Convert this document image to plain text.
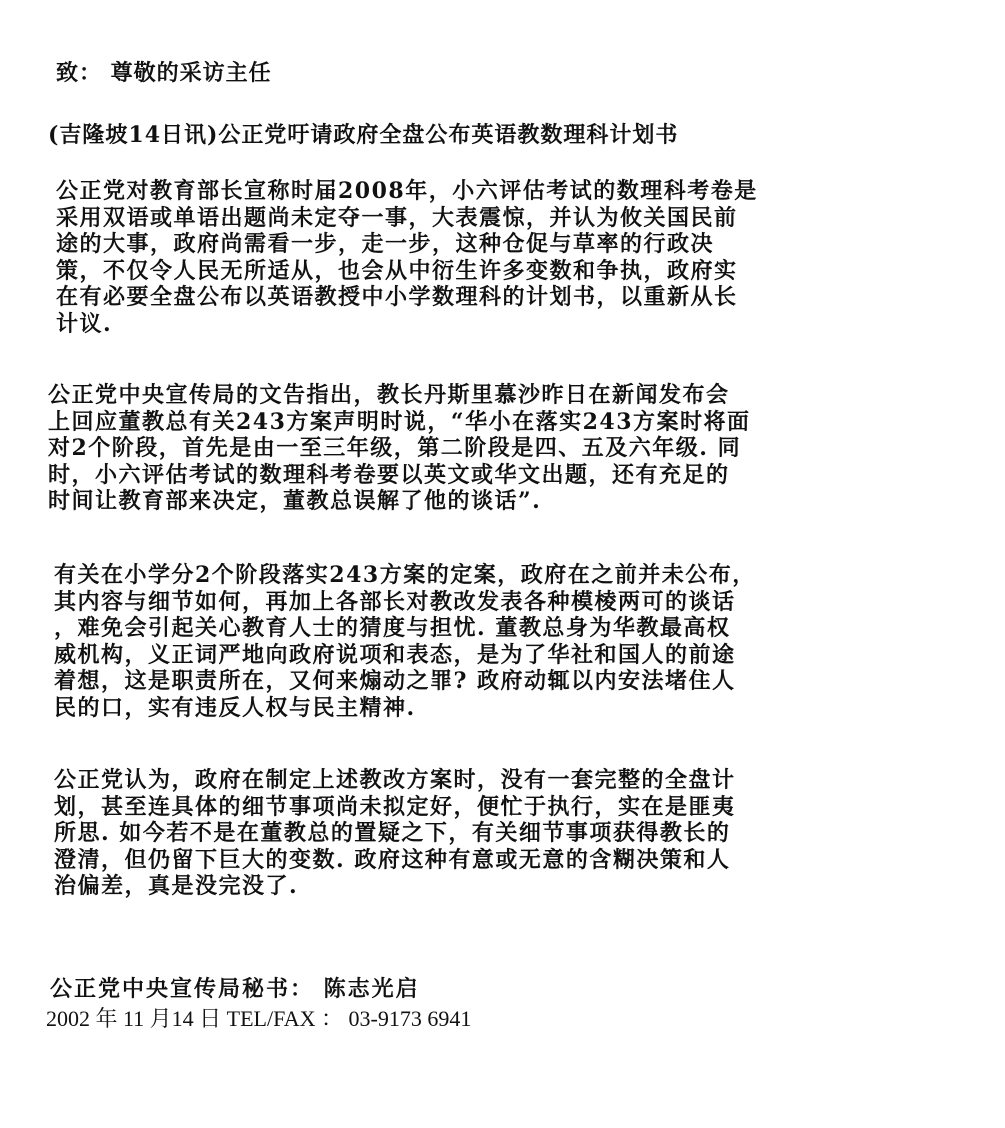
致： 尊敬的采访主任
(吉隆坡14日讯)公正党吁请政府全盘公布英语教数理科计划书
公正党对教育部长宣称时届2008年，小六评估考试的数理科考卷是
采用双语或单语出题尚未定夺一事，大表震惊，并认为攸关国民前
途的大事，政府尚需看一步，走一步，这种仓促与草率的行政决
策，不仅令人民无所适从，也会从中衍生许多变数和争执，政府实
在有必要全盘公布以英语教授中小学数理科的计划书，以重新从长
计议.
公正党中央宣传局的文告指出，教长丹斯里慕沙昨日在新闻发布会
上回应董教总有关243方案声明时说，“华小在落实243方案时将面
对2个阶段，首先是由一至三年级，第二阶段是四、五及六年级. 同
时，小六评估考试的数理科考卷要以英文或华文出题，还有充足的
时间让教育部来决定，董教总误解了他的谈话”.
有关在小学分2个阶段落实243方案的定案，政府在之前并未公布，
其内容与细节如何，再加上各部长对教改发表各种模棱两可的谈话
，难免会引起关心教育人士的猜度与担忧. 董教总身为华教最高权
威机构，义正词严地向政府说项和表态，是为了华社和国人的前途
着想，这是职责所在，又何来煽动之罪? 政府动辄以内安法堵住人
民的口，实有违反人权与民主精神.
公正党认为，政府在制定上述教改方案时，没有一套完整的全盘计
划，甚至连具体的细节事项尚未拟定好，便忙于执行，实在是匪夷
所思. 如今若不是在董教总的置疑之下，有关细节事项获得教长的
澄清，但仍留下巨大的变数. 政府这种有意或无意的含糊决策和人
治偏差，真是没完没了.
公正党中央宣传局秘书： 陈志光启
2002 年 11 月14 日 TEL/FAX ： 03-9173 6941
